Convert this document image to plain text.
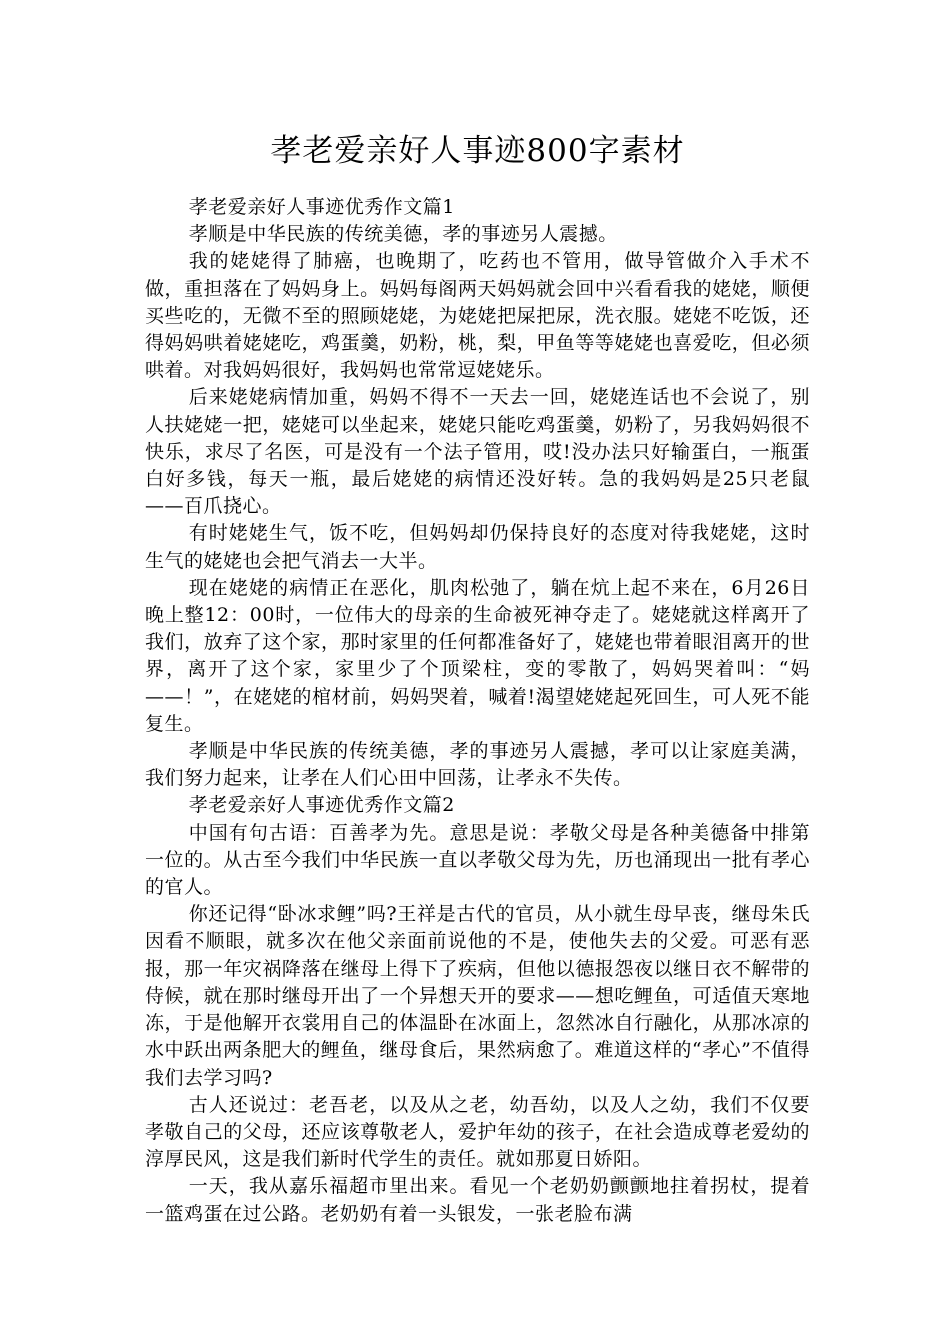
孝老爱亲好人事迹800字素材

孝老爱亲好人事迹优秀作文篇1

孝顺是中华民族的传统美德，孝的事迹另人震撼。

我的姥姥得了肺癌，也晚期了，吃药也不管用，做导管做介入手术不做，重担落在了妈妈身上。妈妈每阁两天妈妈就会回中兴看看我的姥姥，顺便买些吃的，无微不至的照顾姥姥，为姥姥把屎把尿，洗衣服。姥姥不吃饭，还得妈妈哄着姥姥吃，鸡蛋羹，奶粉，桃，梨，甲鱼等等姥姥也喜爱吃，但必须哄着。对我妈妈很好，我妈妈也常常逗姥姥乐。

后来姥姥病情加重，妈妈不得不一天去一回，姥姥连话也不会说了，别人扶姥姥一把，姥姥可以坐起来，姥姥只能吃鸡蛋羹，奶粉了，另我妈妈很不快乐，求尽了名医，可是没有一个法子管用，哎!没办法只好输蛋白，一瓶蛋白好多钱，每天一瓶，最后姥姥的病情还没好转。急的我妈妈是25只老鼠——百爪挠心。

有时姥姥生气，饭不吃，但妈妈却仍保持良好的态度对待我姥姥，这时生气的姥姥也会把气消去一大半。

现在姥姥的病情正在恶化，肌肉松弛了，躺在炕上起不来在，6月26日晚上整12：00时，一位伟大的母亲的生命被死神夺走了。姥姥就这样离开了我们，放弃了这个家，那时家里的任何都准备好了，姥姥也带着眼泪离开的世界，离开了这个家，家里少了个顶梁柱，变的零散了，妈妈哭着叫：“妈——！”，在姥姥的棺材前，妈妈哭着，喊着!渴望姥姥起死回生，可人死不能复生。

孝顺是中华民族的传统美德，孝的事迹另人震撼，孝可以让家庭美满，我们努力起来，让孝在人们心田中回荡，让孝永不失传。

孝老爱亲好人事迹优秀作文篇2

中国有句古语：百善孝为先。意思是说：孝敬父母是各种美德备中排第一位的。从古至今我们中华民族一直以孝敬父母为先，历也涌现出一批有孝心的官人。

你还记得“卧冰求鲤”吗?王祥是古代的官员，从小就生母早丧，继母朱氏因看不顺眼，就多次在他父亲面前说他的不是，使他失去的父爱。可恶有恶报，那一年灾祸降落在继母上得下了疾病，但他以德报怨夜以继日衣不解带的侍候，就在那时继母开出了一个异想天开的要求——想吃鲤鱼，可适值天寒地冻，于是他解开衣裳用自己的体温卧在冰面上，忽然冰自行融化，从那冰凉的水中跃出两条肥大的鲤鱼，继母食后，果然病愈了。难道这样的“孝心”不值得我们去学习吗?

古人还说过：老吾老，以及从之老，幼吾幼，以及人之幼，我们不仅要孝敬自己的父母，还应该尊敬老人，爱护年幼的孩子，在社会造成尊老爱幼的淳厚民风，这是我们新时代学生的责任。就如那夏日娇阳。

一天，我从嘉乐福超市里出来。看见一个老奶奶颤颤地拄着拐杖，提着一篮鸡蛋在过公路。老奶奶有着一头银发，一张老脸布满
